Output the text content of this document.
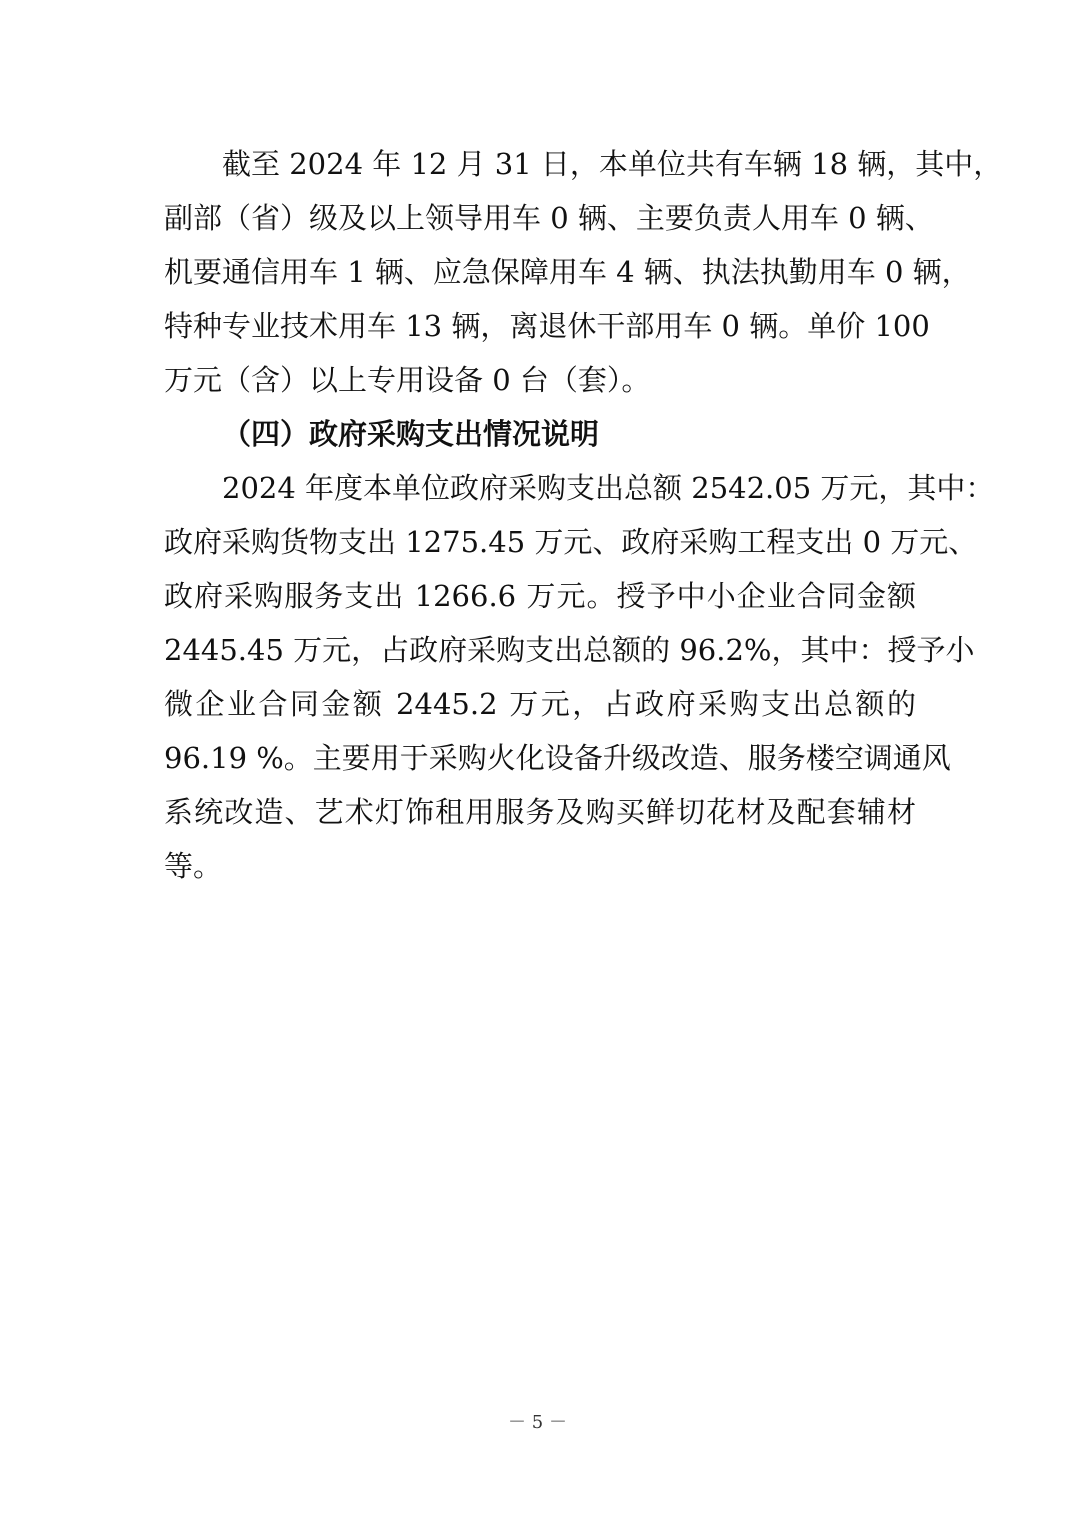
截至 2024 年 12 月 31 日，本单位共有车辆 18 辆，其中，
副部（省）级及以上领导用车 0 辆、主要负责人用车 0 辆、
机要通信用车 1 辆、应急保障用车 4 辆、执法执勤用车 0 辆，
特种专业技术用车 13 辆，离退休干部用车 0 辆。单价 100
万元（含）以上专用设备 0 台（套）。
（四）政府采购支出情况说明
2024 年度本单位政府采购支出总额 2542.05 万元，其中：
政府采购货物支出 1275.45 万元、政府采购工程支出 0 万元、
政府采购服务支出 1266.6 万元。授予中小企业合同金额
2445.45 万元，占政府采购支出总额的 96.2%，其中：授予小
微企业合同金额 2445.2 万元，占政府采购支出总额的
96.19 %。主要用于采购火化设备升级改造、服务楼空调通风
系统改造、艺术灯饰租用服务及购买鲜切花材及配套辅材
等。
－ 5 －
